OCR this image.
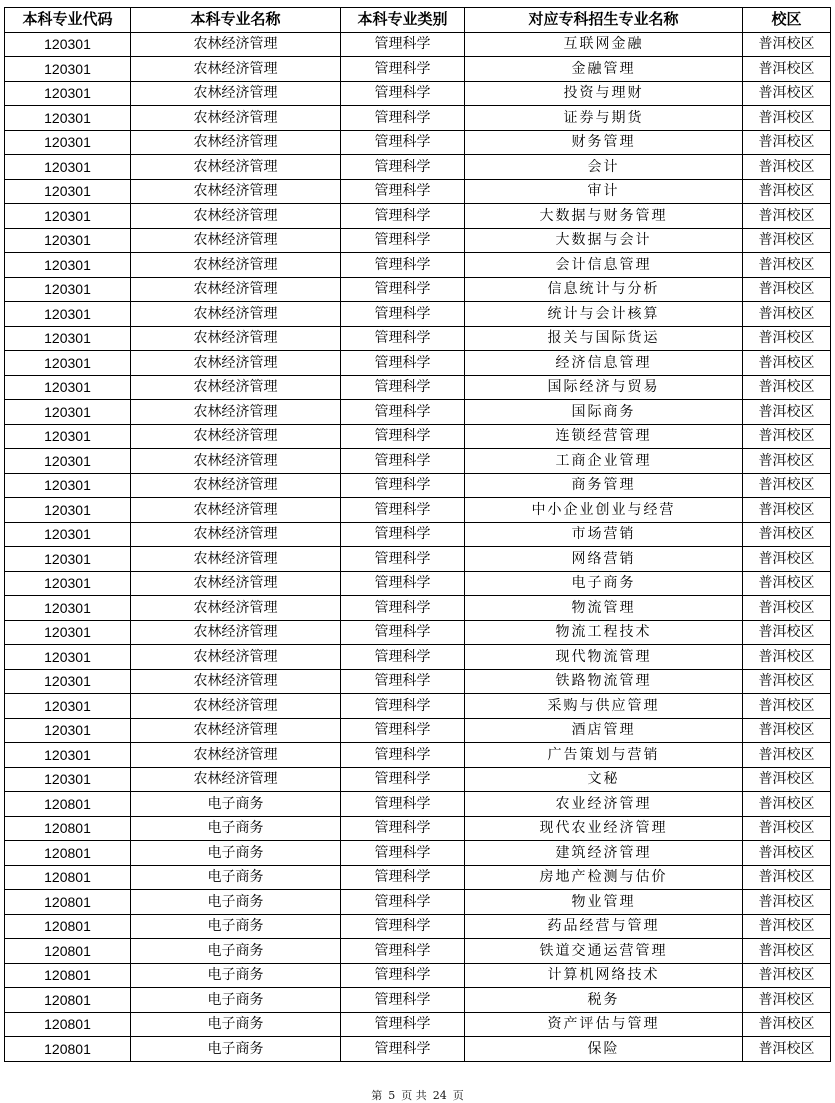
本科专业代码	本科专业名称	本科专业类别	对应专科招生专业名称	校区
120301	农林经济管理	管理科学	互联网金融	普洱校区
120301	农林经济管理	管理科学	金融管理	普洱校区
120301	农林经济管理	管理科学	投资与理财	普洱校区
120301	农林经济管理	管理科学	证券与期货	普洱校区
120301	农林经济管理	管理科学	财务管理	普洱校区
120301	农林经济管理	管理科学	会计	普洱校区
120301	农林经济管理	管理科学	审计	普洱校区
120301	农林经济管理	管理科学	大数据与财务管理	普洱校区
120301	农林经济管理	管理科学	大数据与会计	普洱校区
120301	农林经济管理	管理科学	会计信息管理	普洱校区
120301	农林经济管理	管理科学	信息统计与分析	普洱校区
120301	农林经济管理	管理科学	统计与会计核算	普洱校区
120301	农林经济管理	管理科学	报关与国际货运	普洱校区
120301	农林经济管理	管理科学	经济信息管理	普洱校区
120301	农林经济管理	管理科学	国际经济与贸易	普洱校区
120301	农林经济管理	管理科学	国际商务	普洱校区
120301	农林经济管理	管理科学	连锁经营管理	普洱校区
120301	农林经济管理	管理科学	工商企业管理	普洱校区
120301	农林经济管理	管理科学	商务管理	普洱校区
120301	农林经济管理	管理科学	中小企业创业与经营	普洱校区
120301	农林经济管理	管理科学	市场营销	普洱校区
120301	农林经济管理	管理科学	网络营销	普洱校区
120301	农林经济管理	管理科学	电子商务	普洱校区
120301	农林经济管理	管理科学	物流管理	普洱校区
120301	农林经济管理	管理科学	物流工程技术	普洱校区
120301	农林经济管理	管理科学	现代物流管理	普洱校区
120301	农林经济管理	管理科学	铁路物流管理	普洱校区
120301	农林经济管理	管理科学	采购与供应管理	普洱校区
120301	农林经济管理	管理科学	酒店管理	普洱校区
120301	农林经济管理	管理科学	广告策划与营销	普洱校区
120301	农林经济管理	管理科学	文秘	普洱校区
120801	电子商务	管理科学	农业经济管理	普洱校区
120801	电子商务	管理科学	现代农业经济管理	普洱校区
120801	电子商务	管理科学	建筑经济管理	普洱校区
120801	电子商务	管理科学	房地产检测与估价	普洱校区
120801	电子商务	管理科学	物业管理	普洱校区
120801	电子商务	管理科学	药品经营与管理	普洱校区
120801	电子商务	管理科学	铁道交通运营管理	普洱校区
120801	电子商务	管理科学	计算机网络技术	普洱校区
120801	电子商务	管理科学	税务	普洱校区
120801	电子商务	管理科学	资产评估与管理	普洱校区
120801	电子商务	管理科学	保险	普洱校区
第 5 页 共 24 页
